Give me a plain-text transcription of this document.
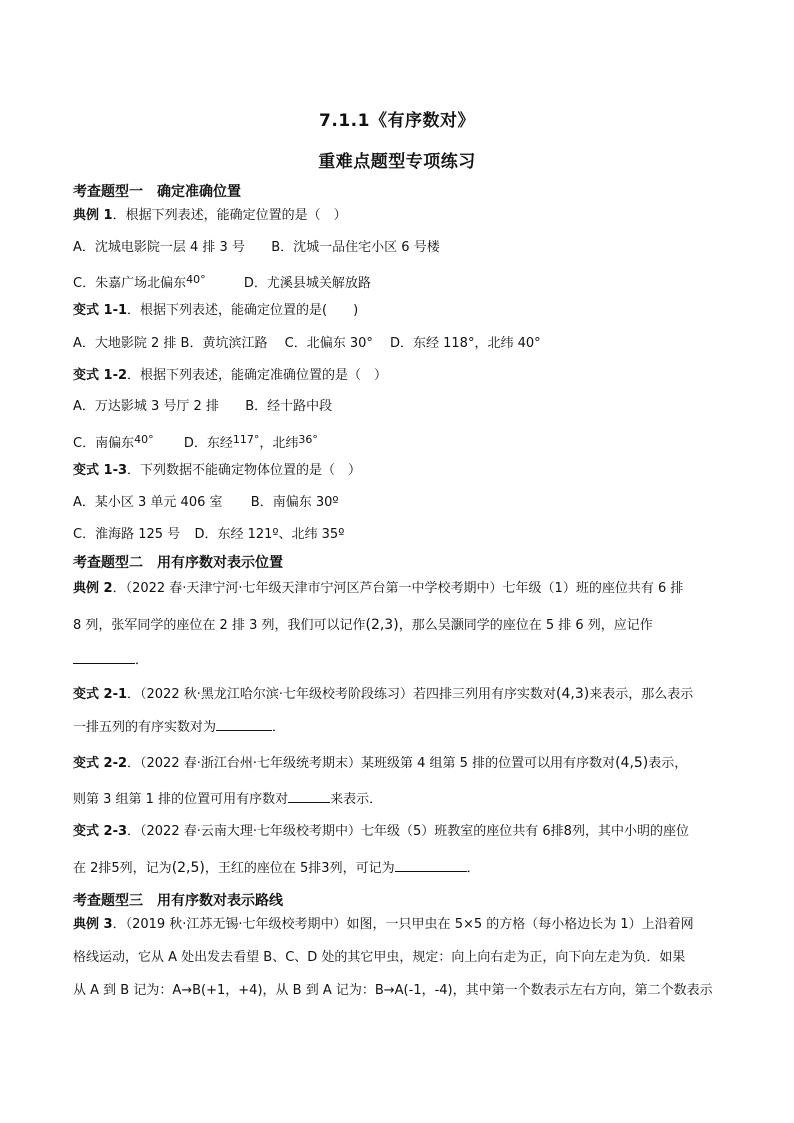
7.1.1《有序数对》
重难点题型专项练习
考查题型一　确定准确位置
典例 1．根据下列表述，能确定位置的是（　）
A．沈城电影院一层 4 排 3 号 B．沈城一品住宅小区 6 号楼
C．朱嘉广场北偏东$^{40^\circ}$	D．尤溪县城关解放路
变式 1-1．根据下列表述，能确定位置的是(　　)
A．大地影院 2 排 B．黄坑滨江路　 C．北偏东 30°　 D．东经 118°，北纬 40°
变式 1-2．根据下列表述，能确定准确位置的是（　）
A．万达影城 3 号厅 2 排 B．经十路中段
C．南偏东$^{40^\circ}$ D．东经$^{117^\circ}$，北纬$^{36^\circ}$
变式 1-3．下列数据不能确定物体位置的是（　）
A．某小区 3 单元 406 室 B．南偏东 30º
C．淮海路 125 号 D．东经 121º、北纬 35º
考查题型二　用有序数对表示位置
典例 2．（2022 春·天津宁河·七年级天津市宁河区芦台第一中学校考期中）七年级（1）班的座位共有 6 排
8 列，张军同学的座位在 2 排 3 列，我们可以记作(2,3)，那么吴灏同学的座位在 5 排 6 列，应记作
．
变式 2-1．（2022 秋·黑龙江哈尔滨·七年级校考阶段练习）若四排三列用有序实数对(4,3)来表示，那么表示
一排五列的有序实数对为	．
变式 2-2．（2022 春·浙江台州·七年级统考期末）某班级第 4 组第 5 排的位置可以用有序数对(4,5)表示，
则第 3 组第 1 排的位置可用有序数对	来表示．
变式 2-3．（2022 春·云南大理·七年级校考期中）七年级（5）班教室的座位共有 6排8列，其中小明的座位
在 2排5列，记为(2,5)，王红的座位在 5排3列，可记为	．
考查题型三　用有序数对表示路线
典例 3．（2019 秋·江苏无锡·七年级校考期中）如图，一只甲虫在 5×5 的方格（每小格边长为 1）上沿着网
格线运动，它从 A 处出发去看望 B、C、D 处的其它甲虫，规定：向上向右走为正，向下向左走为负．如果
从 A 到 B 记为：A→B(+1，+4)，从 B 到 A 记为：B→A(-1，-4)，其中第一个数表示左右方向，第二个数表示
